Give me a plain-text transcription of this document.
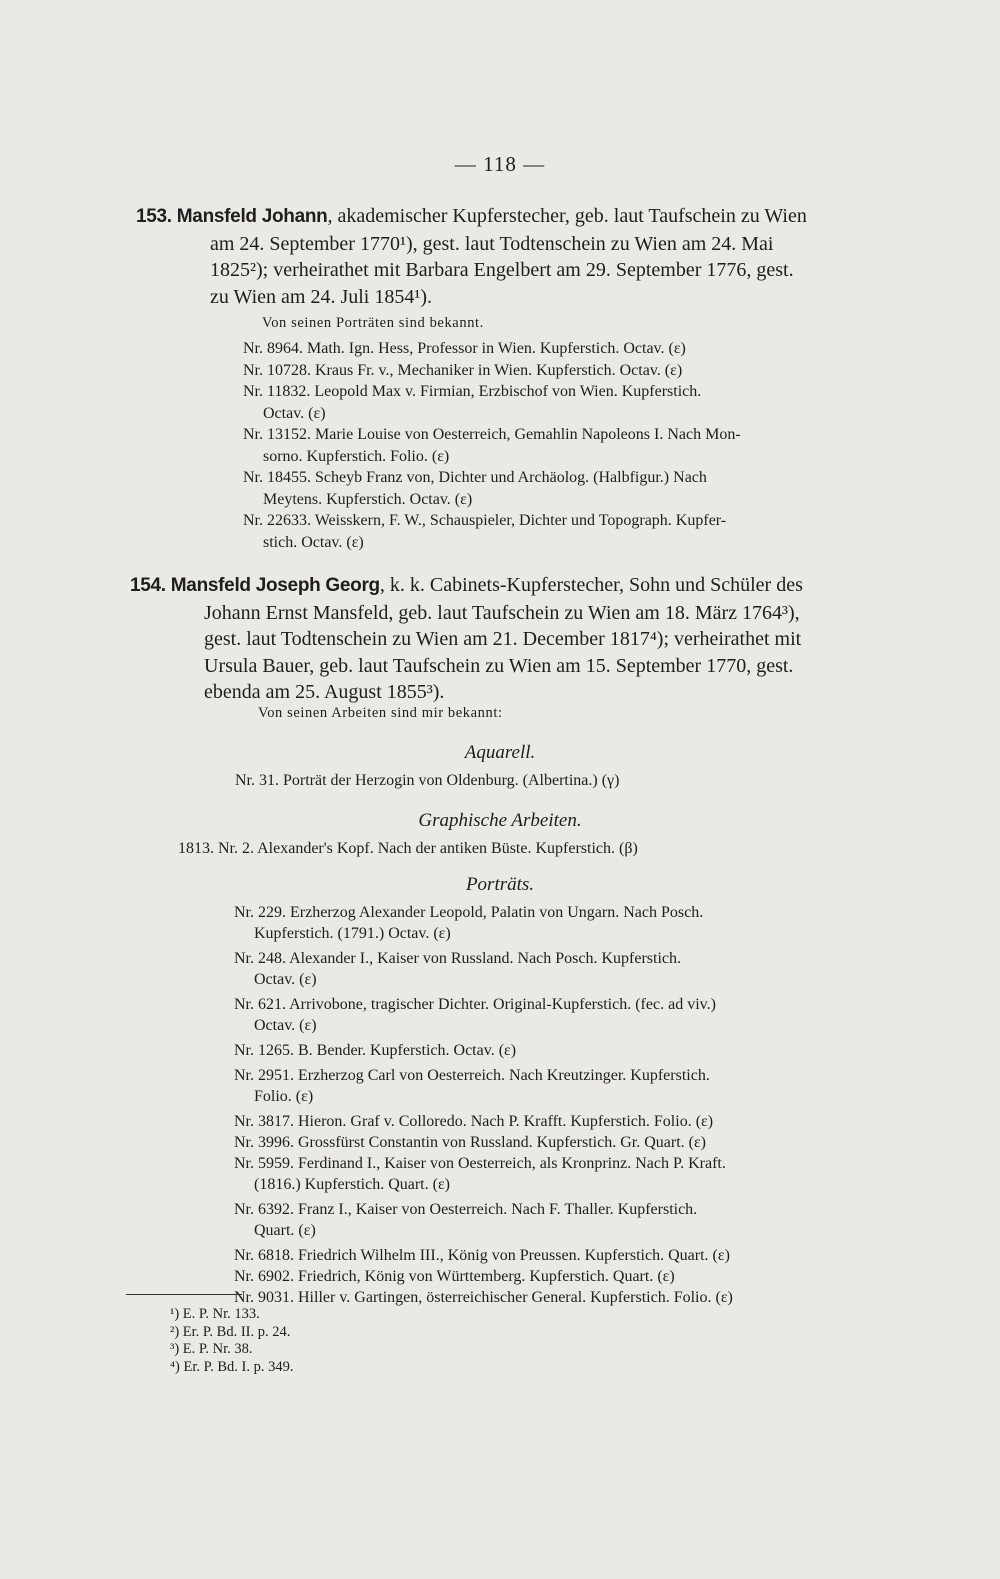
— 118 —
153. Mansfeld Johann, akademischer Kupferstecher, geb. laut Taufschein zu Wien
am 24. September 1770¹), gest. laut Todtenschein zu Wien am 24. Mai
1825²); verheirathet mit Barbara Engelbert am 29. September 1776, gest.
zu Wien am 24. Juli 1854¹).
Von seinen Porträten sind bekannt.
Nr. 8964. Math. Ign. Hess, Professor in Wien. Kupferstich. Octav. (ε)
Nr. 10728. Kraus Fr. v., Mechaniker in Wien. Kupferstich. Octav. (ε)
Nr. 11832. Leopold Max v. Firmian, Erzbischof von Wien. Kupferstich.
Octav. (ε)
Nr. 13152. Marie Louise von Oesterreich, Gemahlin Napoleons I. Nach Mon-
sorno. Kupferstich. Folio. (ε)
Nr. 18455. Scheyb Franz von, Dichter und Archäolog. (Halbfigur.) Nach
Meytens. Kupferstich. Octav. (ε)
Nr. 22633. Weisskern, F. W., Schauspieler, Dichter und Topograph. Kupfer-
stich. Octav. (ε)
154. Mansfeld Joseph Georg, k. k. Cabinets-Kupferstecher, Sohn und Schüler des
Johann Ernst Mansfeld, geb. laut Taufschein zu Wien am 18. März 1764³),
gest. laut Todtenschein zu Wien am 21. December 1817⁴); verheirathet mit
Ursula Bauer, geb. laut Taufschein zu Wien am 15. September 1770, gest.
ebenda am 25. August 1855³).
Von seinen Arbeiten sind mir bekannt:
Aquarell.
Nr. 31. Porträt der Herzogin von Oldenburg. (Albertina.) (γ)
Graphische Arbeiten.
1813. Nr. 2. Alexander's Kopf. Nach der antiken Büste. Kupferstich. (β)
Porträts.
Nr. 229. Erzherzog Alexander Leopold, Palatin von Ungarn. Nach Posch.
Kupferstich. (1791.) Octav. (ε)
Nr. 248. Alexander I., Kaiser von Russland. Nach Posch. Kupferstich.
Octav. (ε)
Nr. 621. Arrivobone, tragischer Dichter. Original-Kupferstich. (fec. ad viv.)
Octav. (ε)
Nr. 1265. B. Bender. Kupferstich. Octav. (ε)
Nr. 2951. Erzherzog Carl von Oesterreich. Nach Kreutzinger. Kupferstich.
Folio. (ε)
Nr. 3817. Hieron. Graf v. Colloredo. Nach P. Krafft. Kupferstich. Folio. (ε)
Nr. 3996. Grossfürst Constantin von Russland. Kupferstich. Gr. Quart. (ε)
Nr. 5959. Ferdinand I., Kaiser von Oesterreich, als Kronprinz. Nach P. Kraft.
(1816.) Kupferstich. Quart. (ε)
Nr. 6392. Franz I., Kaiser von Oesterreich. Nach F. Thaller. Kupferstich.
Quart. (ε)
Nr. 6818. Friedrich Wilhelm III., König von Preussen. Kupferstich. Quart. (ε)
Nr. 6902. Friedrich, König von Württemberg. Kupferstich. Quart. (ε)
Nr. 9031. Hiller v. Gartingen, österreichischer General. Kupferstich. Folio. (ε)
¹) E. P. Nr. 133.
²) Er. P. Bd. II. p. 24.
³) E. P. Nr. 38.
⁴) Er. P. Bd. I. p. 349.
